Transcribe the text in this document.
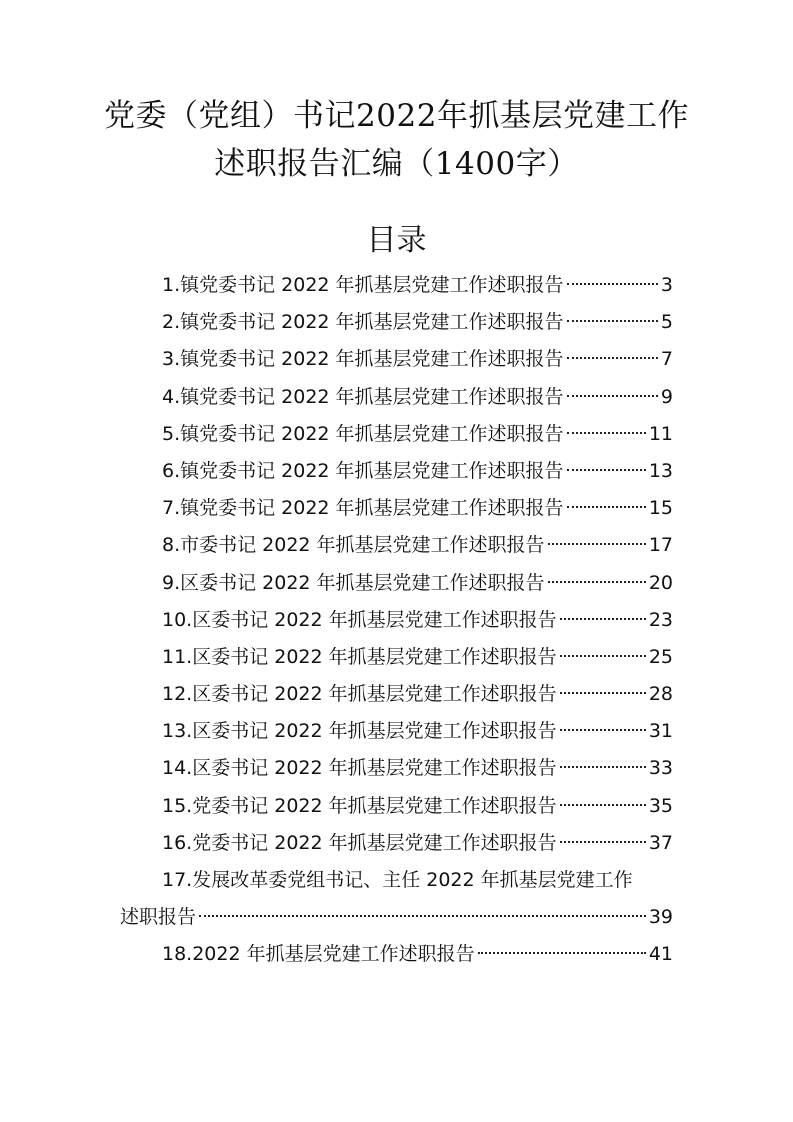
党委（党组）书记2022年抓基层党建工作
述职报告汇编（1400字）
目录
1.镇党委书记 2022 年抓基层党建工作述职报告	3
2.镇党委书记 2022 年抓基层党建工作述职报告	5
3.镇党委书记 2022 年抓基层党建工作述职报告	7
4.镇党委书记 2022 年抓基层党建工作述职报告	9
5.镇党委书记 2022 年抓基层党建工作述职报告	11
6.镇党委书记 2022 年抓基层党建工作述职报告	13
7.镇党委书记 2022 年抓基层党建工作述职报告	15
8.市委书记 2022 年抓基层党建工作述职报告	17
9.区委书记 2022 年抓基层党建工作述职报告	20
10.区委书记 2022 年抓基层党建工作述职报告	23
11.区委书记 2022 年抓基层党建工作述职报告	25
12.区委书记 2022 年抓基层党建工作述职报告	28
13.区委书记 2022 年抓基层党建工作述职报告	31
14.区委书记 2022 年抓基层党建工作述职报告	33
15.党委书记 2022 年抓基层党建工作述职报告	35
16.党委书记 2022 年抓基层党建工作述职报告	37
17.发展改革委党组书记、主任 2022 年抓基层党建工作
述职报告	39
18.2022 年抓基层党建工作述职报告	41
